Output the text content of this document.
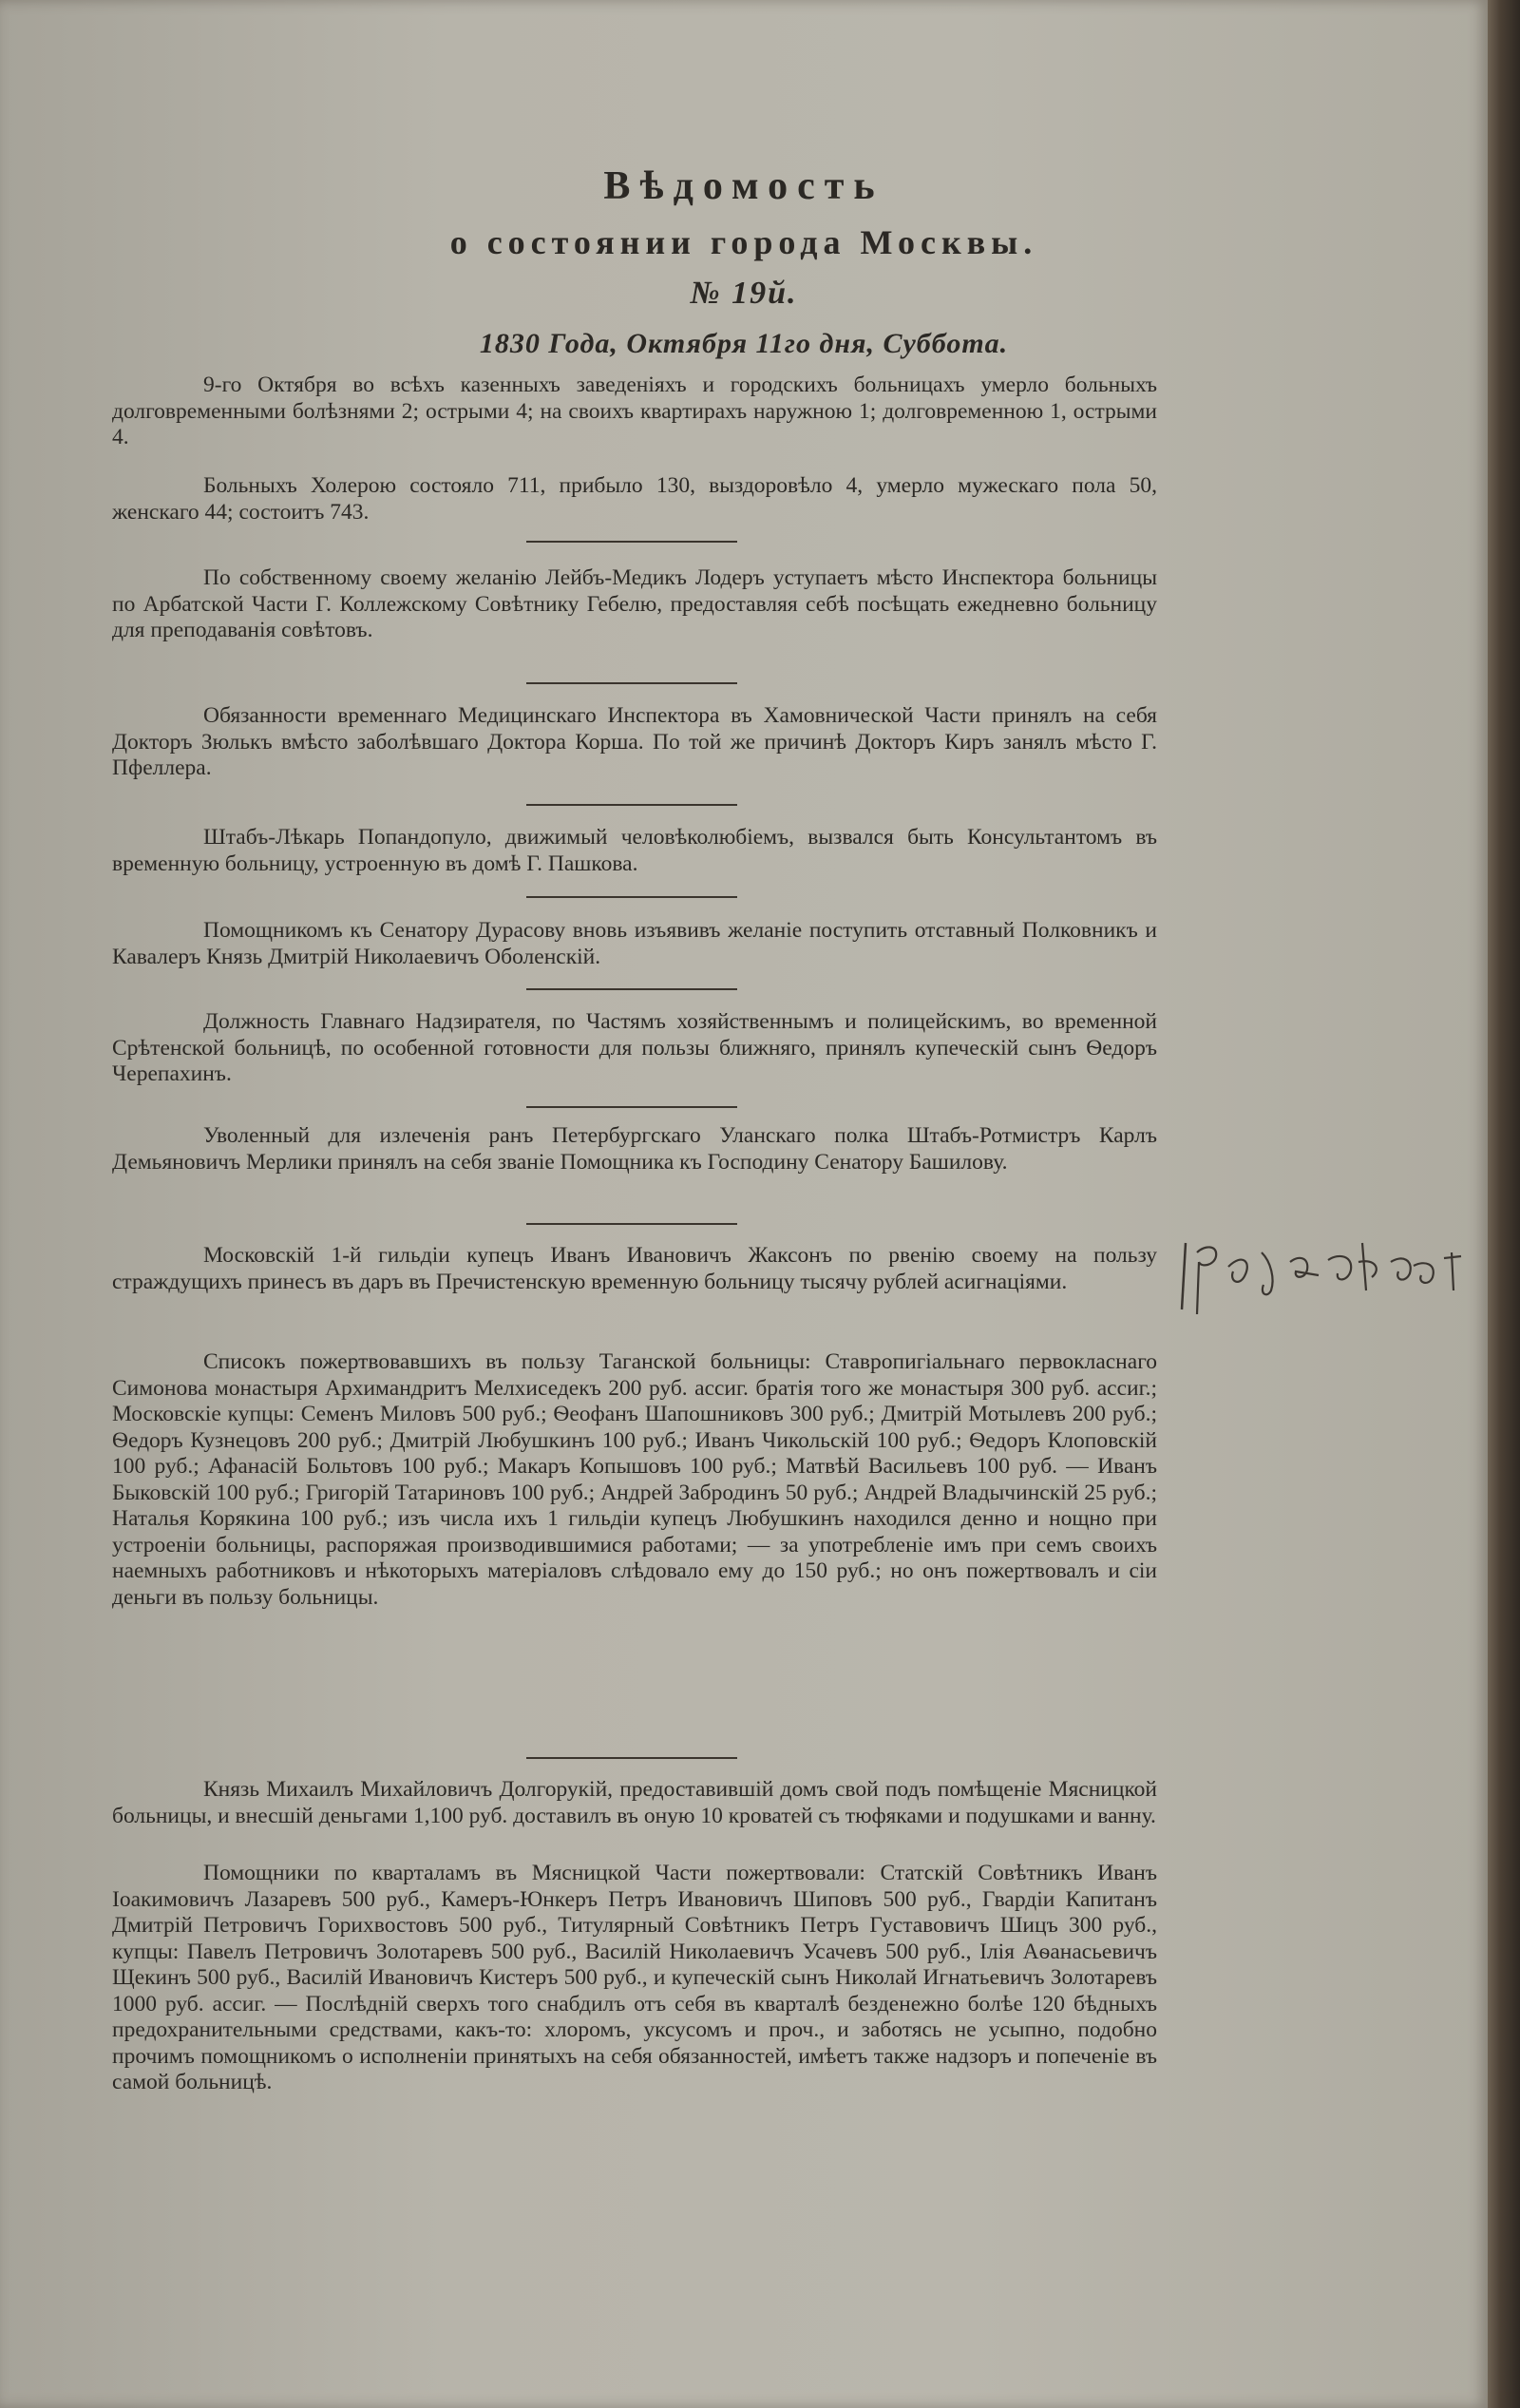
Вѣдомость
о состоянии города Москвы.
№ 19й.
1830 Года, Октября 11го дня, Суббота.
9-го Октября во всѣхъ казенныхъ заведенiяхъ и городскихъ больницахъ умерло больныхъ долговременными болѣзнями 2; острыми 4; на своихъ квартирахъ наружною 1; долговременною 1, острыми 4.
Больныхъ Холерою состояло 711, прибыло 130, выздоровѣло 4, умерло мужескаго пола 50, женскаго 44; состоитъ 743.
По собственному своему желанiю Лейбъ-Медикъ Лодеръ уступаетъ мѣсто Инспектора больницы по Арбатской Части Г. Коллежскому Совѣтнику Гебелю, предоставляя себѣ посѣщать ежедневно больницу для преподаванiя совѣтовъ.
Обязанности временнаго Медицинскаго Инспектора въ Хамовнической Части принялъ на себя Докторъ Зюлькъ вмѣсто заболѣвшаго Доктора Корша. По той же причинѣ Докторъ Киръ занялъ мѣсто Г. Пфеллера.
Штабъ-Лѣкарь Попандопуло, движимый человѣколюбiемъ, вызвался быть Консультантомъ въ временную больницу, устроенную въ домѣ Г. Пашкова.
Помощникомъ къ Сенатору Дурасову вновь изъявивъ желанiе поступить отставный Полковникъ и Кавалеръ Князь Дмитрiй Николаевичъ Оболенскiй.
Должность Главнаго Надзирателя, по Частямъ хозяйственнымъ и полицейскимъ, во временной Срѣтенской больницѣ, по особенной готовности для пользы ближняго, принялъ купеческiй сынъ Ѳедоръ Черепахинъ.
Уволенный для излеченiя ранъ Петербургскаго Уланскаго полка Штабъ-Ротмистръ Карлъ Демьяновичъ Мерлики принялъ на себя званiе Помощника къ Господину Сенатору Башилову.
Московскiй 1-й гильдiи купецъ Иванъ Ивановичъ Жаксонъ по рвенiю своему на пользу страждущихъ принесъ въ даръ въ Пречистенскую временную больницу тысячу рублей асигнацiями.
Списокъ пожертвовавшихъ въ пользу Таганской больницы: Ставропигiальнаго первокласнаго Симонова монастыря Архимандритъ Мелхиседекъ 200 руб. ассиг. братiя того же монастыря 300 руб. ассиг.; Московскiе купцы: Семенъ Миловъ 500 руб.; Ѳеофанъ Шапошниковъ 300 руб.; Дмитрiй Мотылевъ 200 руб.; Ѳедоръ Кузнецовъ 200 руб.; Дмитрiй Любушкинъ 100 руб.; Иванъ Чикольскiй 100 руб.; Ѳедоръ Клоповскiй 100 руб.; Афанасiй Больтовъ 100 руб.; Макаръ Копышовъ 100 руб.; Матвѣй Васильевъ 100 руб. — Иванъ Быковскiй 100 руб.; Григорiй Татариновъ 100 руб.; Андрей Забродинъ 50 руб.; Андрей Владычинскiй 25 руб.; Наталья Корякина 100 руб.; изъ числа ихъ 1 гильдiи купецъ Любушкинъ находился денно и нощно при устроенiи больницы, распоряжая производившимися работами; — за употребленiе имъ при семъ своихъ наемныхъ работниковъ и нѣкоторыхъ матерiаловъ слѣдовало ему до 150 руб.; но онъ пожертвовалъ и сiи деньги въ пользу больницы.
Князь Михаилъ Михайловичъ Долгорукiй, предоставившiй домъ свой подъ помѣщенiе Мясницкой больницы, и внесшiй деньгами 1,100 руб. доставилъ въ оную 10 кроватей съ тюфяками и подушками и ванну.
Помощники по кварталамъ въ Мясницкой Части пожертвовали: Статскiй Совѣтникъ Иванъ Іоакимовичъ Лазаревъ 500 руб., Камеръ-Юнкеръ Петръ Ивановичъ Шиповъ 500 руб., Гвардiи Капитанъ Дмитрiй Петровичъ Горихвостовъ 500 руб., Титулярный Совѣтникъ Петръ Густавовичъ Шицъ 300 руб., купцы: Павелъ Петровичъ Золотаревъ 500 руб., Василiй Николаевичъ Усачевъ 500 руб., Ілiя Аѳанасьевичъ Щекинъ 500 руб., Василiй Ивановичъ Кистеръ 500 руб., и купеческiй сынъ Николай Игнатьевичъ Золотаревъ 1000 руб. ассиг. — Послѣднiй сверхъ того снабдилъ отъ себя въ кварталѣ безденежно болѣе 120 бѣдныхъ предохранительными средствами, какъ-то: хлоромъ, уксусомъ и проч., и заботясь не усыпно, подобно прочимъ помощникомъ о исполненiи принятыхъ на себя обязанностей, имѣетъ также надзоръ и попеченiе въ самой больницѣ.
